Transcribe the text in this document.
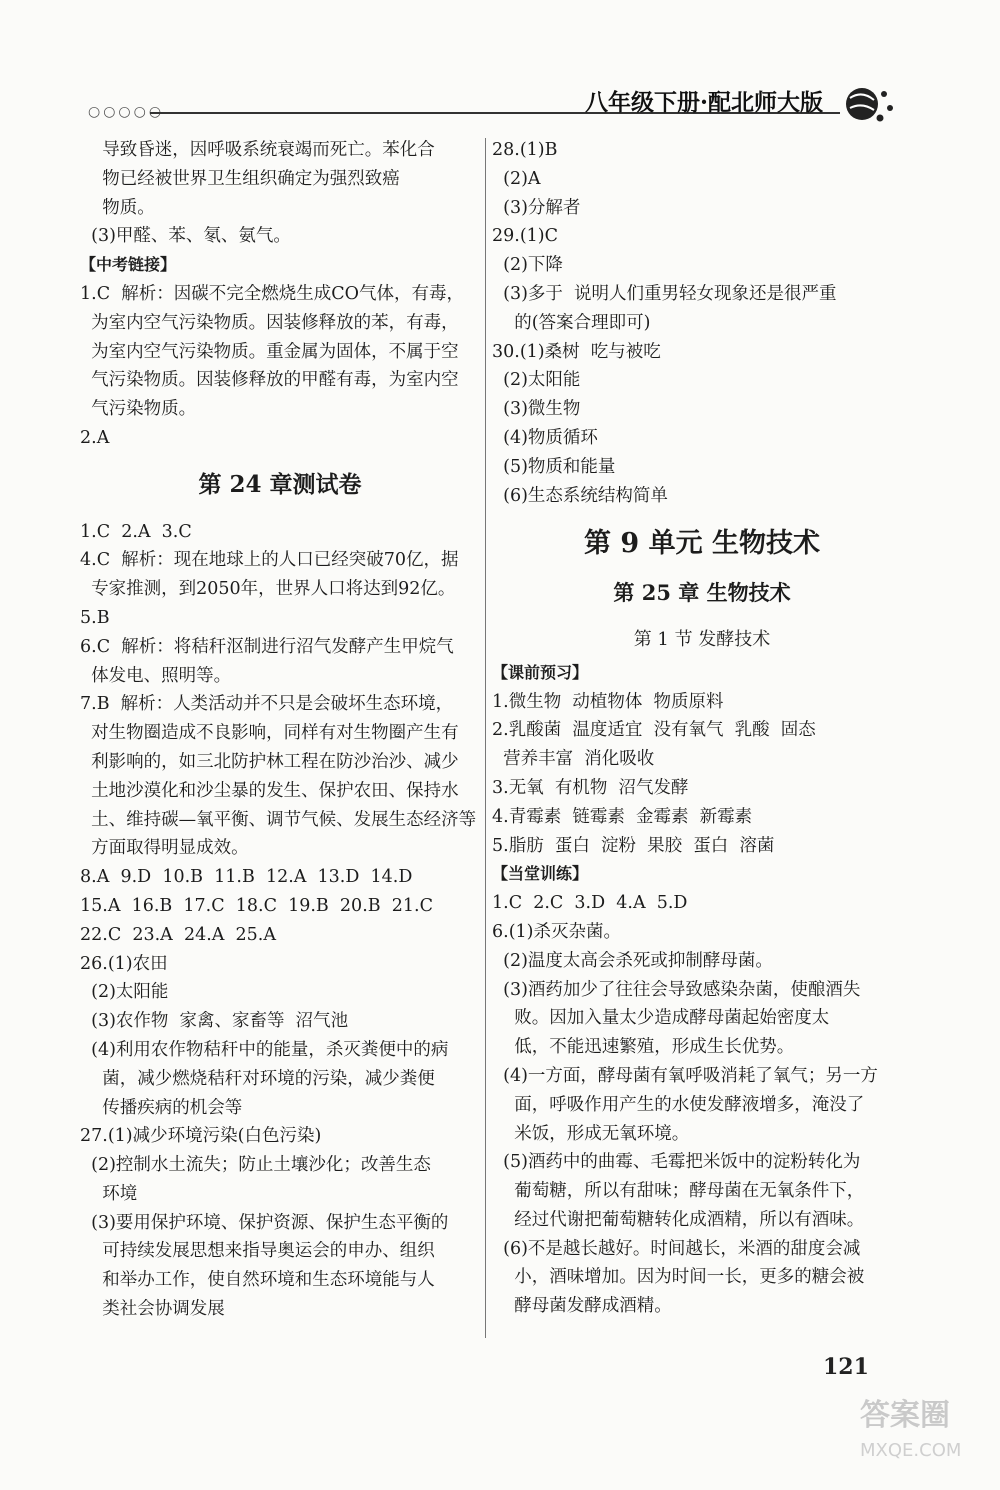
○○○○○	八年级下册·配北师大版
导致昏迷，因呼吸系统衰竭而死亡。苯化合
物已经被世界卫生组织确定为强烈致癌
物质。
(3)甲醛、苯、氡、氨气。
【中考链接】
1.C  解析：因碳不完全燃烧生成CO气体，有毒，
为室内空气污染物质。因装修释放的苯，有毒，
为室内空气污染物质。重金属为固体，不属于空
气污染物质。因装修释放的甲醛有毒，为室内空
气污染物质。
2.A
第 24 章测试卷
1.C  2.A  3.C
4.C  解析：现在地球上的人口已经突破70亿，据
专家推测，到2050年，世界人口将达到92亿。
5.B
6.C  解析：将秸秆沤制进行沼气发酵产生甲烷气
体发电、照明等。
7.B  解析：人类活动并不只是会破坏生态环境，
对生物圈造成不良影响，同样有对生物圈产生有
利影响的，如三北防护林工程在防沙治沙、减少
土地沙漠化和沙尘暴的发生、保护农田、保持水
土、维持碳—氧平衡、调节气候、发展生态经济等
方面取得明显成效。
8.A  9.D  10.B  11.B  12.A  13.D  14.D
15.A  16.B  17.C  18.C  19.B  20.B  21.C
22.C  23.A  24.A  25.A
26.(1)农田
(2)太阳能
(3)农作物  家禽、家畜等  沼气池
(4)利用农作物秸秆中的能量，杀灭粪便中的病
菌，减少燃烧秸秆对环境的污染，减少粪便
传播疾病的机会等
27.(1)减少环境污染(白色污染)
(2)控制水土流失；防止土壤沙化；改善生态
环境
(3)要用保护环境、保护资源、保护生态平衡的
可持续发展思想来指导奥运会的申办、组织
和举办工作，使自然环境和生态环境能与人
类社会协调发展
28.(1)B
(2)A
(3)分解者
29.(1)C
(2)下降
(3)多于  说明人们重男轻女现象还是很严重
的(答案合理即可)
30.(1)桑树  吃与被吃
(2)太阳能
(3)微生物
(4)物质循环
(5)物质和能量
(6)生态系统结构简单
第 9 单元 生物技术
第 25 章 生物技术
第 1 节 发酵技术
【课前预习】
1.微生物  动植物体  物质原料
2.乳酸菌  温度适宜  没有氧气  乳酸  固态
营养丰富  消化吸收
3.无氧  有机物  沼气发酵
4.青霉素  链霉素  金霉素  新霉素
5.脂肪  蛋白  淀粉  果胶  蛋白  溶菌
【当堂训练】
1.C  2.C  3.D  4.A  5.D
6.(1)杀灭杂菌。
(2)温度太高会杀死或抑制酵母菌。
(3)酒药加少了往往会导致感染杂菌，使酿酒失
败。因加入量太少造成酵母菌起始密度太
低，不能迅速繁殖，形成生长优势。
(4)一方面，酵母菌有氧呼吸消耗了氧气；另一方
面，呼吸作用产生的水使发酵液增多，淹没了
米饭，形成无氧环境。
(5)酒药中的曲霉、毛霉把米饭中的淀粉转化为
葡萄糖，所以有甜味；酵母菌在无氧条件下，
经过代谢把葡萄糖转化成酒精，所以有酒味。
(6)不是越长越好。时间越长，米酒的甜度会减
小，酒味增加。因为时间一长，更多的糖会被
酵母菌发酵成酒精。
121
答案圈
MXQE.COM
